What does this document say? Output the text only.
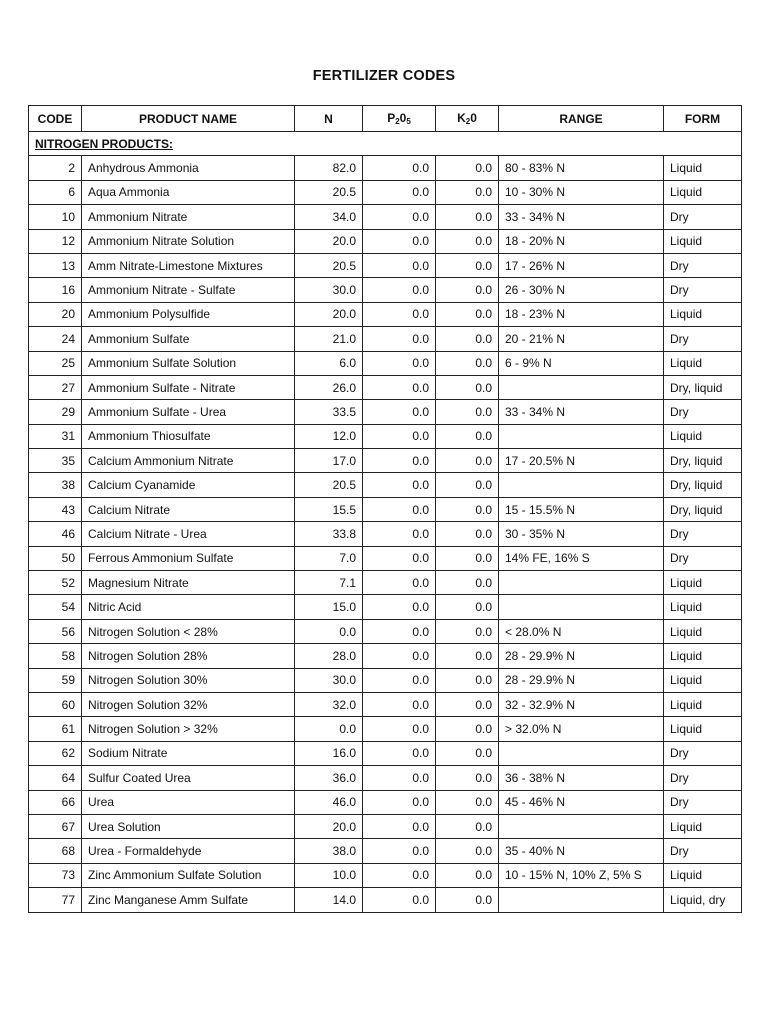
FERTILIZER CODES
CODE	PRODUCT NAME	N	$P_20_5$	$K_20$	RANGE	FORM
NITROGEN PRODUCTS:						
2	Anhydrous Ammonia	82.0	0.0	0.0	80 - 83% N	Liquid
6	Aqua Ammonia	20.5	0.0	0.0	10 - 30% N	Liquid
10	Ammonium Nitrate	34.0	0.0	0.0	33 - 34% N	Dry
12	Ammonium Nitrate Solution	20.0	0.0	0.0	18 - 20% N	Liquid
13	Amm Nitrate-Limestone Mixtures	20.5	0.0	0.0	17 - 26% N	Dry
16	Ammonium Nitrate - Sulfate	30.0	0.0	0.0	26 - 30% N	Dry
20	Ammonium Polysulfide	20.0	0.0	0.0	18 - 23% N	Liquid
24	Ammonium Sulfate	21.0	0.0	0.0	20 - 21% N	Dry
25	Ammonium Sulfate Solution	6.0	0.0	0.0	6 - 9% N	Liquid
27	Ammonium Sulfate - Nitrate	26.0	0.0	0.0		Dry, liquid
29	Ammonium Sulfate - Urea	33.5	0.0	0.0	33 - 34% N	Dry
31	Ammonium Thiosulfate	12.0	0.0	0.0		Liquid
35	Calcium Ammonium Nitrate	17.0	0.0	0.0	17 - 20.5% N	Dry, liquid
38	Calcium Cyanamide	20.5	0.0	0.0		Dry, liquid
43	Calcium Nitrate	15.5	0.0	0.0	15 - 15.5% N	Dry, liquid
46	Calcium Nitrate - Urea	33.8	0.0	0.0	30 - 35% N	Dry
50	Ferrous Ammonium Sulfate	7.0	0.0	0.0	14% FE, 16% S	Dry
52	Magnesium Nitrate	7.1	0.0	0.0		Liquid
54	Nitric Acid	15.0	0.0	0.0		Liquid
56	Nitrogen Solution < 28%	0.0	0.0	0.0	< 28.0% N	Liquid
58	Nitrogen Solution 28%	28.0	0.0	0.0	28 - 29.9% N	Liquid
59	Nitrogen Solution 30%	30.0	0.0	0.0	28 - 29.9% N	Liquid
60	Nitrogen Solution 32%	32.0	0.0	0.0	32 - 32.9% N	Liquid
61	Nitrogen Solution > 32%	0.0	0.0	0.0	> 32.0% N	Liquid
62	Sodium Nitrate	16.0	0.0	0.0		Dry
64	Sulfur Coated Urea	36.0	0.0	0.0	36 - 38% N	Dry
66	Urea	46.0	0.0	0.0	45 - 46% N	Dry
67	Urea Solution	20.0	0.0	0.0		Liquid
68	Urea - Formaldehyde	38.0	0.0	0.0	35 - 40% N	Dry
73	Zinc Ammonium Sulfate Solution	10.0	0.0	0.0	10 - 15% N, 10% Z, 5% S	Liquid
77	Zinc Manganese Amm Sulfate	14.0	0.0	0.0		Liquid, dry
